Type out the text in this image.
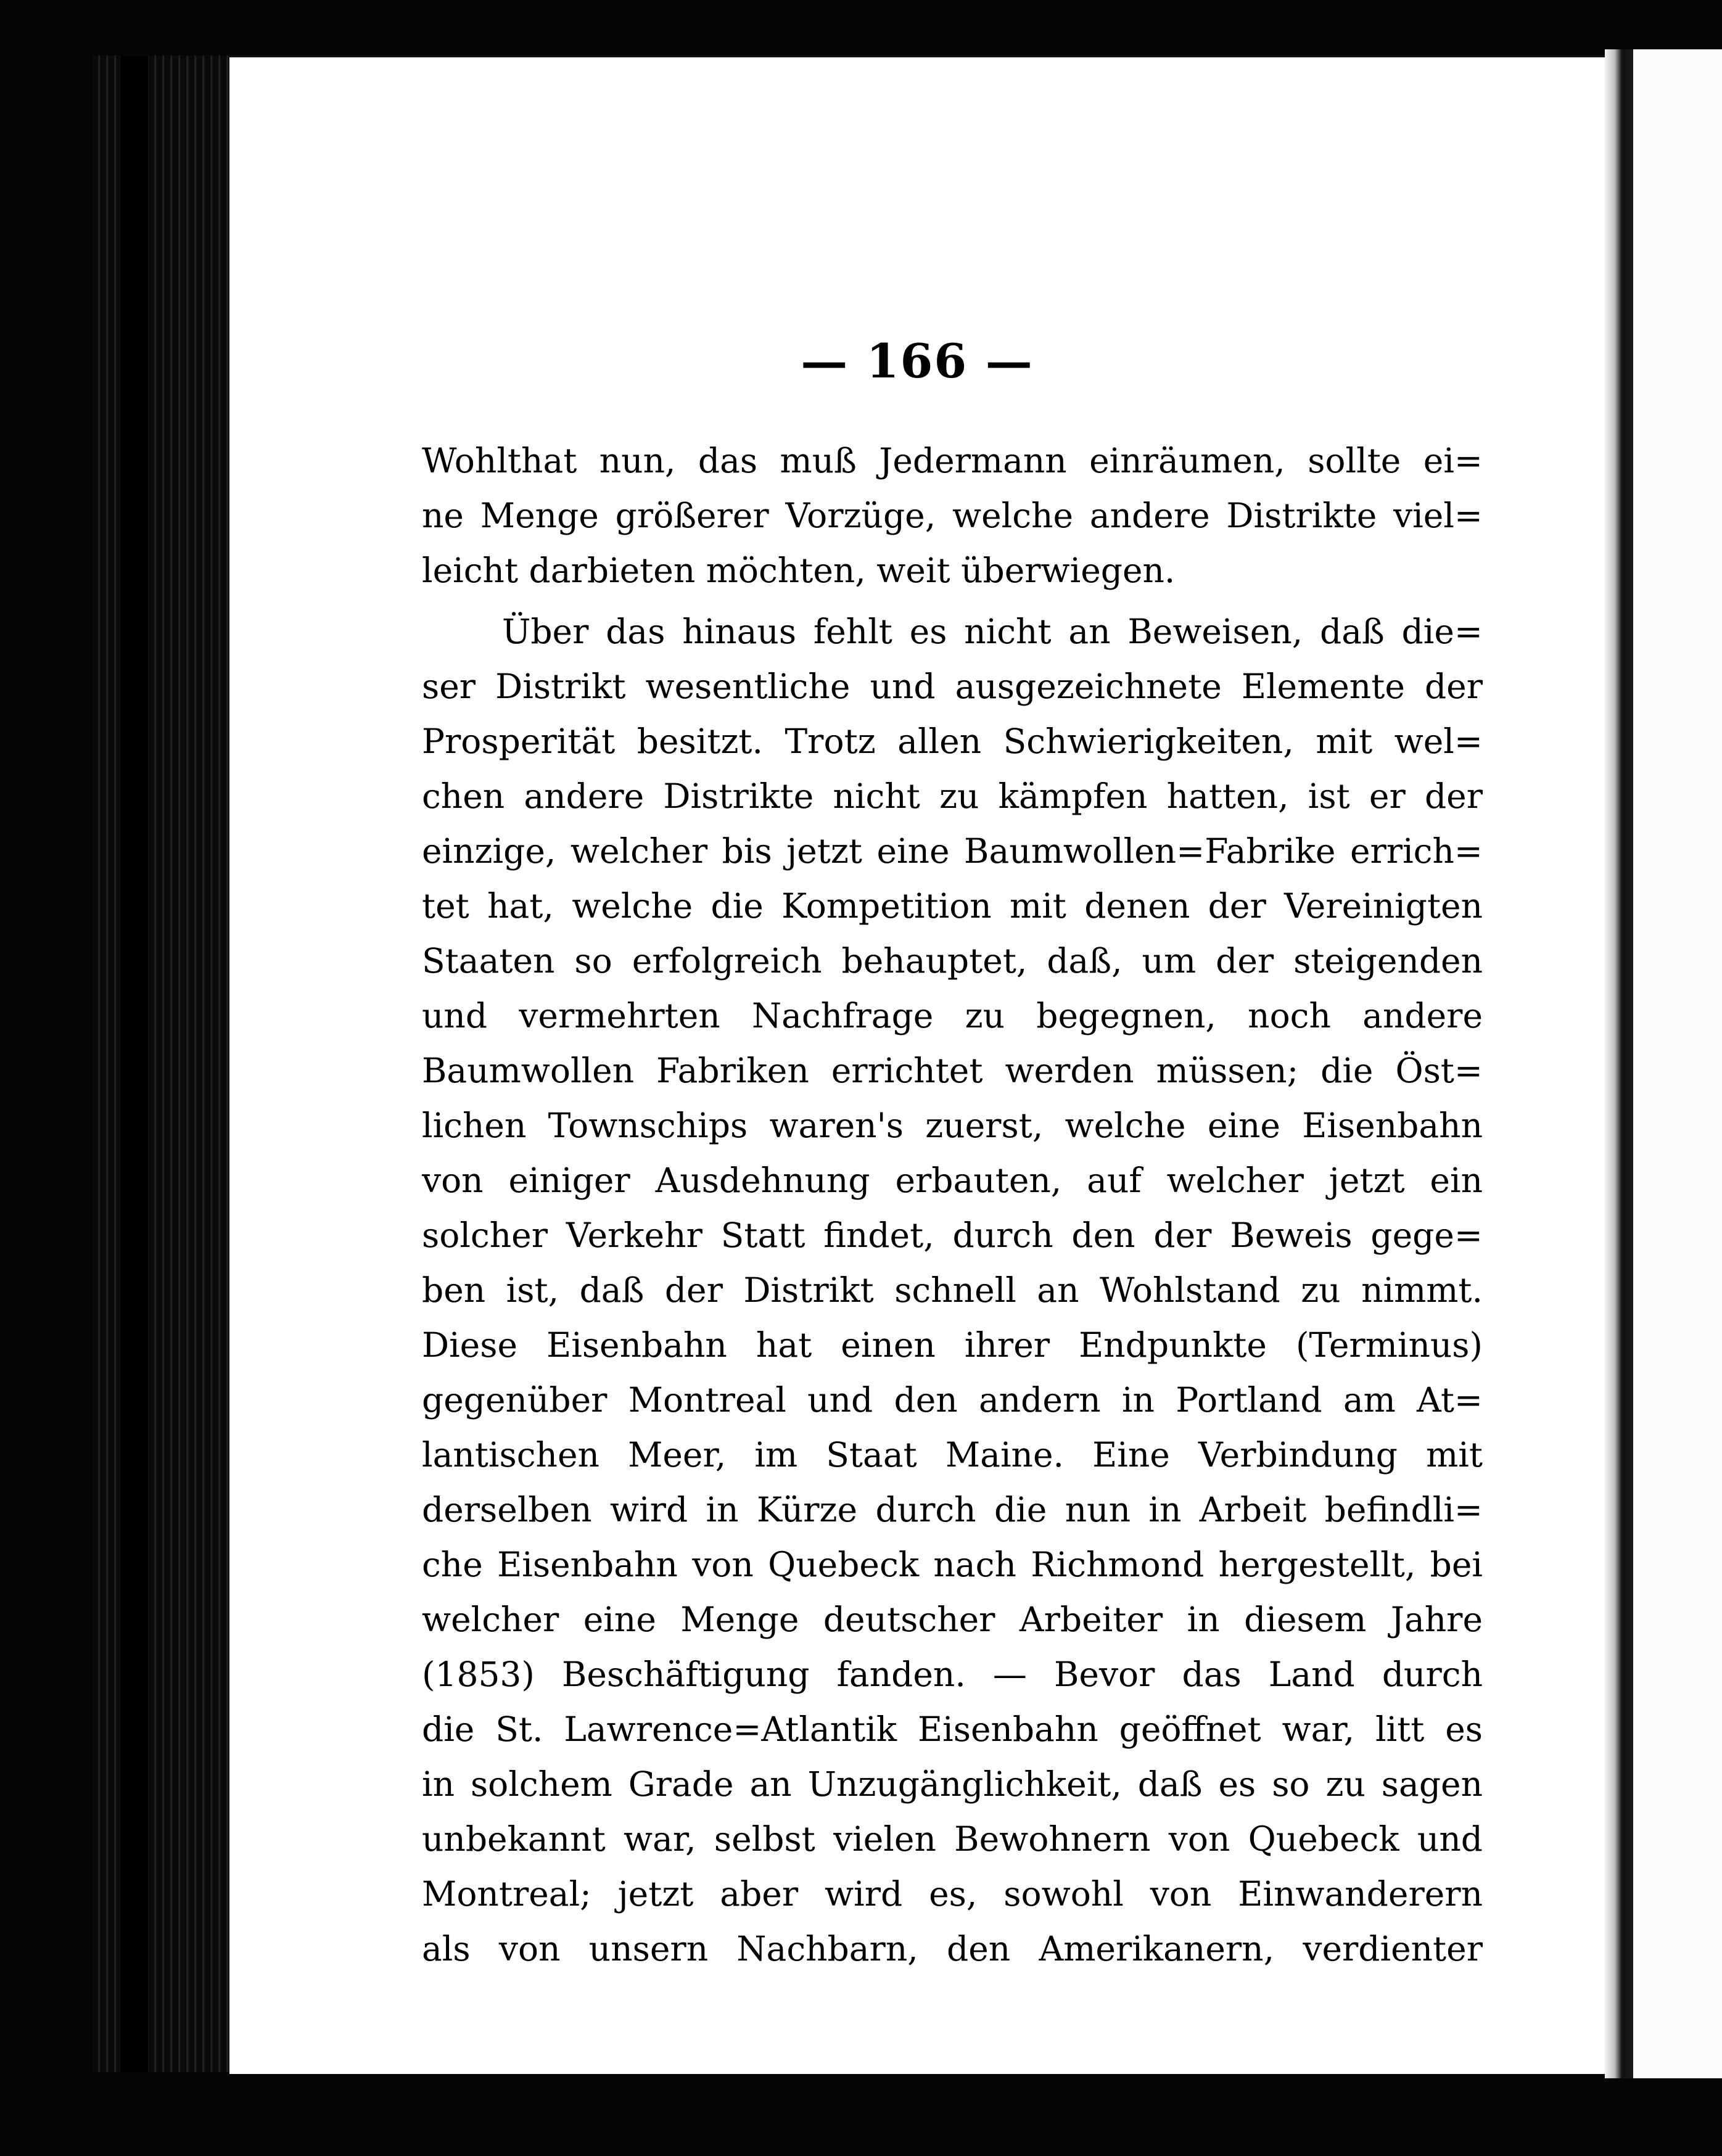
— 166 —
Wohlthat nun, das muß Jedermann einräumen, sollte ei=
ne Menge größerer Vorzüge, welche andere Distrikte viel=
leicht darbieten möchten, weit überwiegen.
Über das hinaus fehlt es nicht an Beweisen, daß die=
ser Distrikt wesentliche und ausgezeichnete Elemente der
Prosperität besitzt. Trotz allen Schwierigkeiten, mit wel=
chen andere Distrikte nicht zu kämpfen hatten, ist er der
einzige, welcher bis jetzt eine Baumwollen=Fabrike errich=
tet hat, welche die Kompetition mit denen der Vereinigten
Staaten so erfolgreich behauptet, daß, um der steigenden
und vermehrten Nachfrage zu begegnen, noch andere
Baumwollen Fabriken errichtet werden müssen; die Öst=
lichen Townschips waren's zuerst, welche eine Eisenbahn
von einiger Ausdehnung erbauten, auf welcher jetzt ein
solcher Verkehr Statt findet, durch den der Beweis gege=
ben ist, daß der Distrikt schnell an Wohlstand zu nimmt.
Diese Eisenbahn hat einen ihrer Endpunkte (Terminus)
gegenüber Montreal und den andern in Portland am At=
lantischen Meer, im Staat Maine. Eine Verbindung mit
derselben wird in Kürze durch die nun in Arbeit befindli=
che Eisenbahn von Quebeck nach Richmond hergestellt, bei
welcher eine Menge deutscher Arbeiter in diesem Jahre
(1853) Beschäftigung fanden. — Bevor das Land durch
die St. Lawrence=Atlantik Eisenbahn geöffnet war, litt es
in solchem Grade an Unzugänglichkeit, daß es so zu sagen
unbekannt war, selbst vielen Bewohnern von Quebeck und
Montreal; jetzt aber wird es, sowohl von Einwanderern
als von unsern Nachbarn, den Amerikanern, verdienter
